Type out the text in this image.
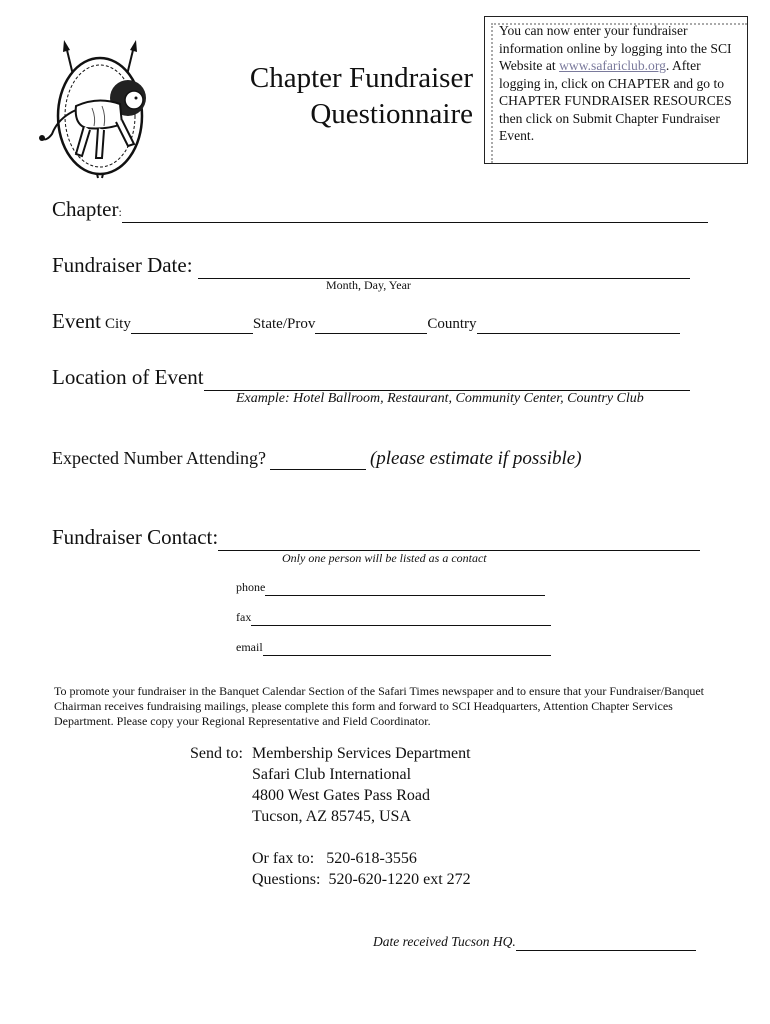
Chapter Fundraiser
Questionnaire
You can now enter your fundraiser information online by logging into the SCI Website at www.safariclub.org. After logging in, click on CHAPTER and go to CHAPTER FUNDRAISER RESOURCES then click on Submit Chapter Fundraiser Event.
Chapter:
Fundraiser Date:
Month, Day, Year
Event City	State/Prov	Country
Location of Event
Example: Hotel Ballroom, Restaurant, Community Center, Country Club
Expected Number Attending?	(please estimate if possible)
Fundraiser Contact:
Only one person will be listed as a contact
phone
fax
email
To promote your fundraiser in the Banquet Calendar Section of the Safari Times newspaper and to ensure that your Fundraiser/Banquet Chairman receives fundraising mailings, please complete this form and forward to SCI Headquarters, Attention Chapter Services Department. Please copy your Regional Representative and Field Coordinator.
Send to: Membership Services Department
Safari Club International
4800 West Gates Pass Road
Tucson, AZ 85745, USA
Or fax to:   520-618-3556
Questions:  520-620-1220 ext 272
Date received Tucson HQ.
